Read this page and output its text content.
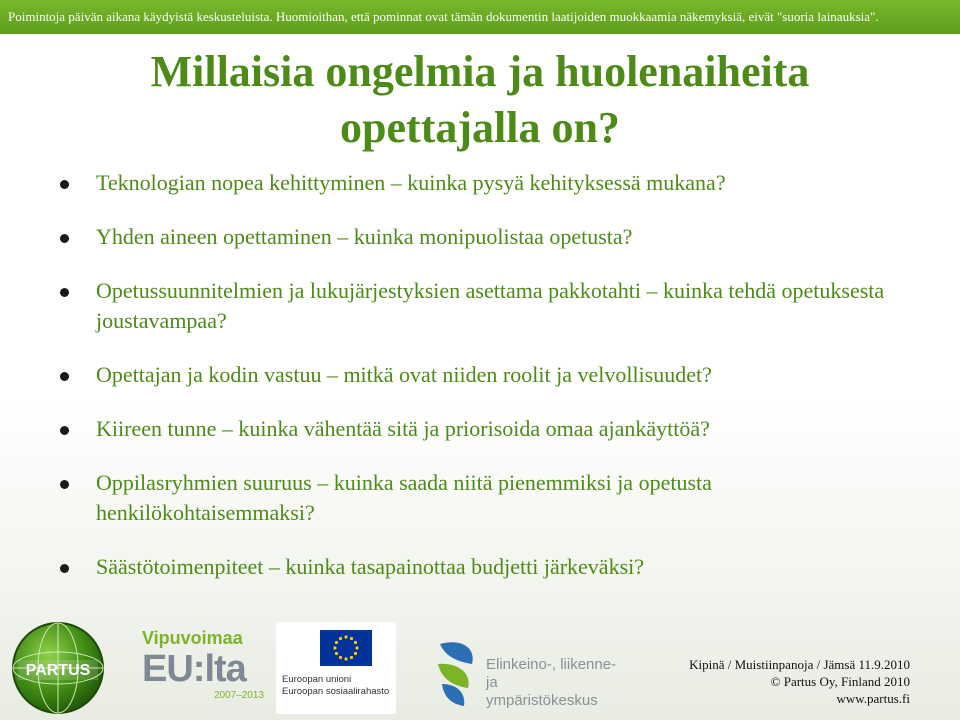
Poimintoja päivän aikana käydyistä keskusteluista. Huomioithan, että pominnat ovat tämän dokumentin laatijoiden muokkaamia näkemyksiä, eivät "suoria lainauksia".
Millaisia ongelmia ja huolenaiheita
opettajalla on?
Teknologian nopea kehittyminen – kuinka pysyä kehityksessä mukana?
Yhden aineen opettaminen – kuinka monipuolistaa opetusta?
Opetussuunnitelmien ja lukujärjestyksien asettama pakkotahti – kuinka tehdä opetuksesta joustavampaa?
Opettajan ja kodin vastuu – mitkä ovat niiden roolit ja velvollisuudet?
Kiireen tunne – kuinka vähentää sitä ja priorisoida omaa ajankäyttöä?
Oppilasryhmien suuruus – kuinka saada niitä pienemmiksi ja opetusta henkilökohtaisemmaksi?
Säästötoimenpiteet – kuinka tasapainottaa budjetti järkeväksi?
PARTUS
Vipuvoimaa
EU:lta
2007–2013
Euroopan unioni
Euroopan sosiaalirahasto
Elinkeino-, liikenne- ja
ympäristökeskus
Kipinä / Muistiinpanoja / Jämsä 11.9.2010
© Partus Oy, Finland 2010
www.partus.fi
